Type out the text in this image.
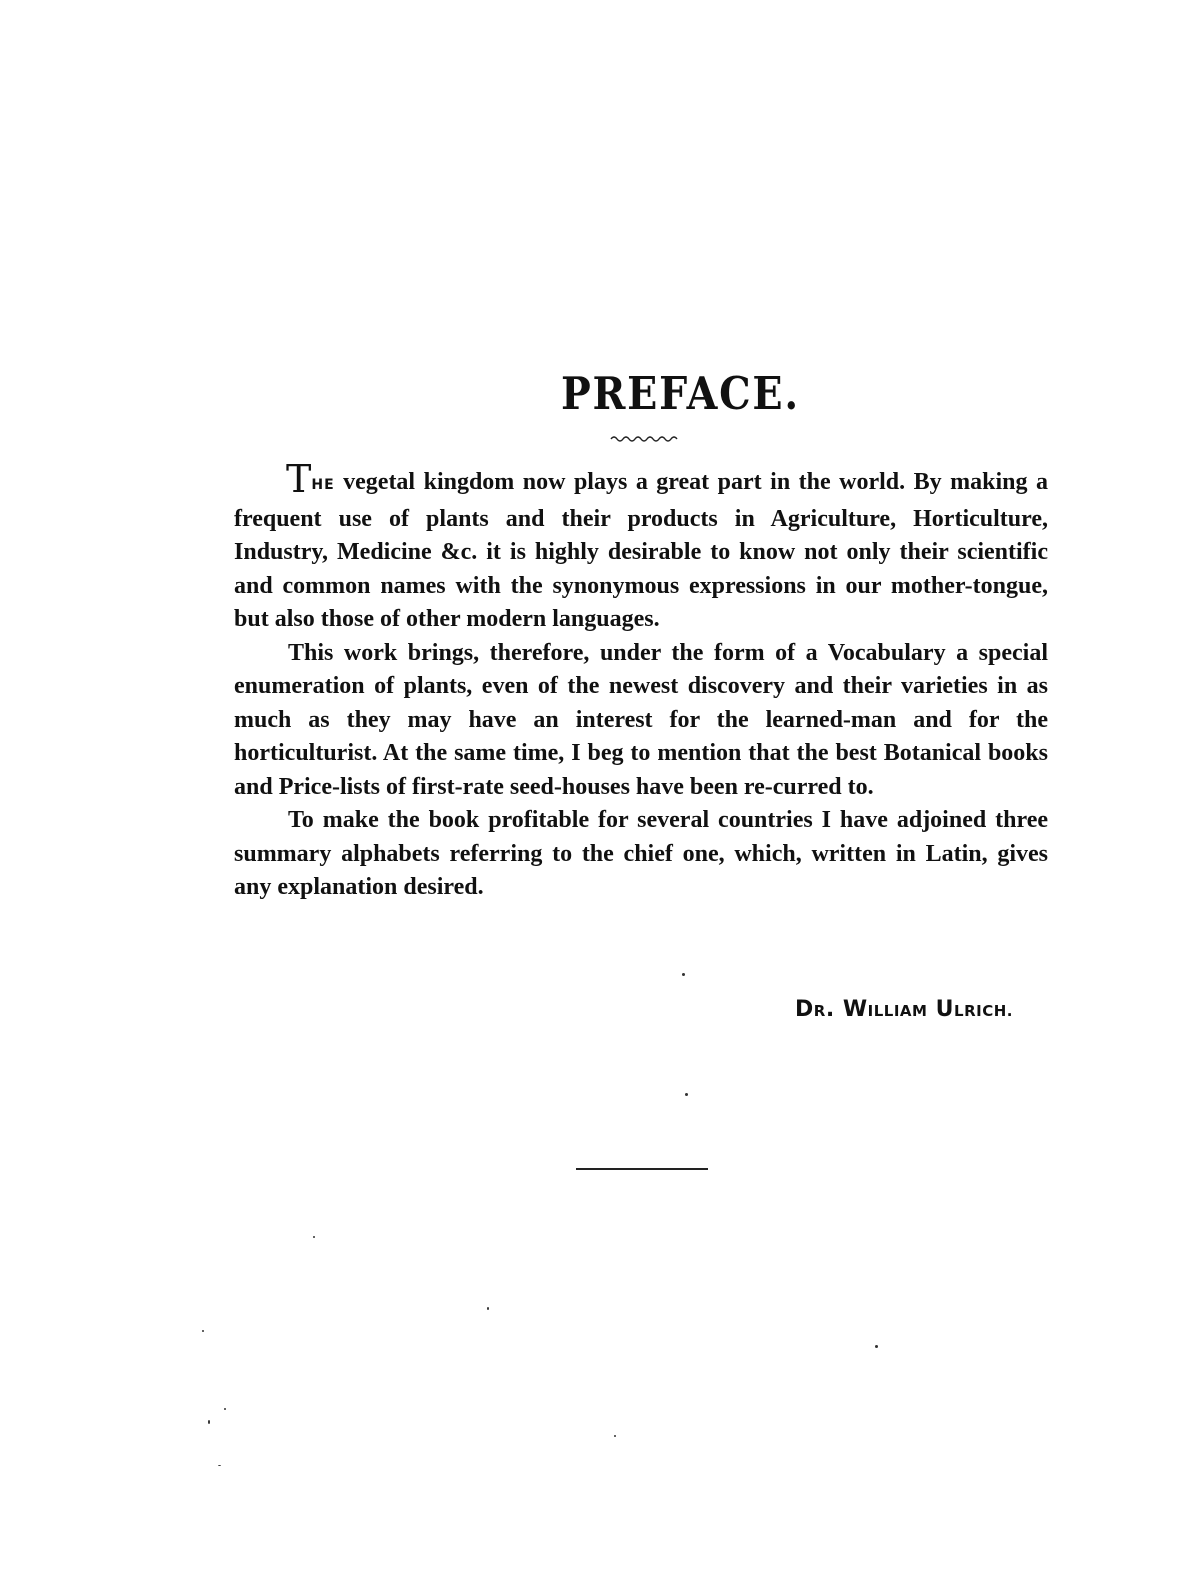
PREFACE.

THE vegetal kingdom now plays a great part in the world. By making a frequent use of plants and their products in Agriculture, Horticulture, Industry, Medicine &c. it is highly desirable to know not only their scientific and common names with the synonymous expressions in our mother-tongue, but also those of other modern languages.

This work brings, therefore, under the form of a Vocabulary a special enumeration of plants, even of the newest discovery and their varieties in as much as they may have an interest for the learned-man and for the horticulturist. At the same time, I beg to mention that the best Botanical books and Price-lists of first-rate seed-houses have been re-curred to.

To make the book profitable for several countries I have adjoined three summary alphabets referring to the chief one, which, written in Latin, gives any explanation desired.

DR. WILLIAM ULRICH.
